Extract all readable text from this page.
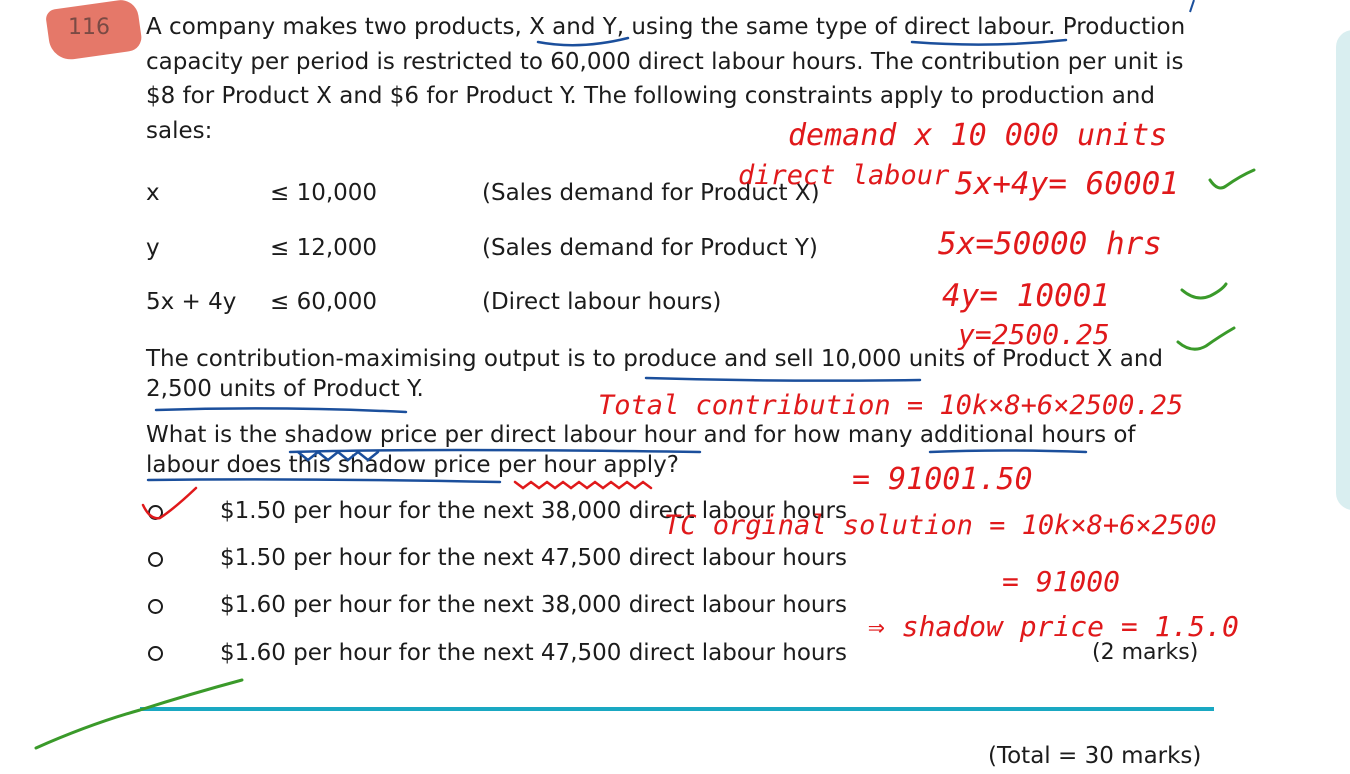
116 A company makes two products, X and Y, using the same type of direct labour. Production
capacity per period is restricted to 60,000 direct labour hours. The contribution per unit is
$8 for Product X and $6 for Product Y. The following constraints apply to production and
sales:
x	≤ 10,000	(Sales demand for Product X)
y	≤ 12,000	(Sales demand for Product Y)
5x + 4y ≤ 60,000	(Direct labour hours)
The contribution-maximising output is to produce and sell 10,000 units of Product X and
2,500 units of Product Y.
What is the shadow price per direct labour hour and for how many additional hours of
labour does this shadow price per hour apply?
$1.50 per hour for the next 38,000 direct labour hours
$1.50 per hour for the next 47,500 direct labour hours
$1.60 per hour for the next 38,000 direct labour hours
$1.60 per hour for the next 47,500 direct labour hours	(2 marks)
(Total = 30 marks)
demand x 10 000 units
direct labour 5x+4y= 60001
5x=50000 hrs
4y= 10001
y=2500.25
Total contribution = 10k×8+6×2500.25
= 91001.50
TC orginal solution = 10k×8+6×2500
= 91000
⇒ shadow price = 1.5.0
